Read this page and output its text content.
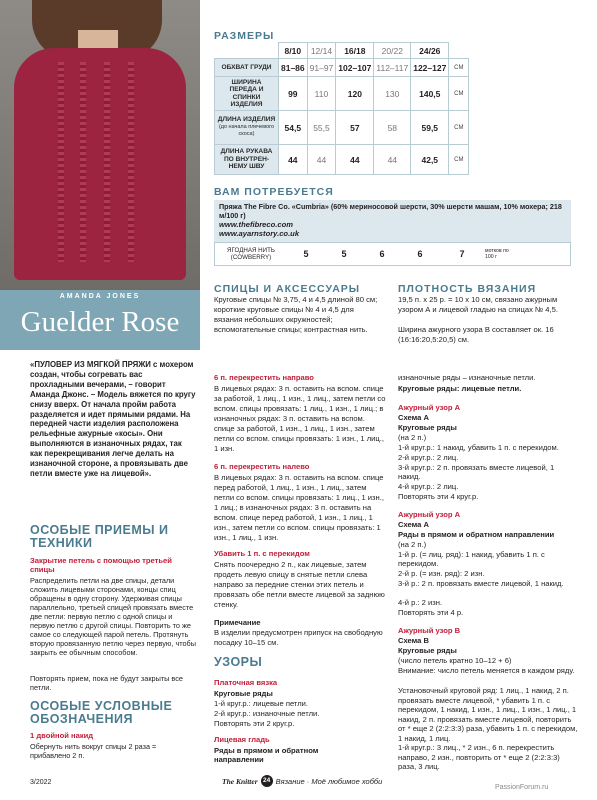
AMANDA JONES
Guelder Rose
РАЗМЕРЫ
	8/10	12/14	16/18	20/22	24/26	
ОБХВАТ ГРУДИ	81–86	91–97	102–107	112–117	122–127	СМ
ШИРИНА ПЕРЕДА И СПИНКИ ИЗДЕЛИЯ	99	110	120	130	140,5	СМ

ДЛИНА ИЗДЕЛИЯ
(до начала плечевого скоса)	54,5	55,5	57	58	59,5	СМ
ДЛИНА РУКАВА ПО ВНУТРЕН-НЕМУ ШВУ	44	44	44	44	42,5	СМ
ВАМ ПОТРЕБУЕТСЯ
Пряжа The Fibre Co. «Cumbria» (60% мериносовой шерсти, 30% шерсти машам, 10% мохера; 218 м/100 г)
www.thefibreco.com
www.ayarnstory.co.uk
ЯГОДНАЯ НИТЬ (COWBERRY)	5	5	6	6	7	мотков по 100 г
СПИЦЫ И АКСЕССУАРЫ
Круговые спицы № 3,75, 4 и 4,5 длиной 80 см; короткие круговые спицы № 4 и 4,5 для вязания небольших окружностей; вспомогательные спицы; контрастная нить.
ПЛОТНОСТЬ ВЯЗАНИЯ
19,5 п. х 25 р. = 10 х 10 см, связано ажурным узором А и лицевой гладью на спицах № 4,5.
Ширина ажурного узора В составляет ок. 16 (16:16:20,5:20,5) см.
«ПУЛОВЕР ИЗ МЯГКОЙ ПРЯЖИ с мохером создан, чтобы согревать вас прохладными вечерами, – говорит Аманда Джонс. – Модель вяжется по кругу снизу вверх. От начала пройм работа разделяется и идет прямыми рядами. На передней части изделия расположена рельефные ажурные «косы». Они выполняются в изнаночных рядах, так как перекрещивания легче делать на изнаночной стороне, а провязывать две петли вместе уже на лицевой».
ОСОБЫЕ ПРИЕМЫ И ТЕХНИКИ
Закрытие петель с помощью третьей спицы
Распределить петли на две спицы, детали сложить лицевыми сторонами, концы спиц обращены в одну сторону. Удерживая спицы параллельно, третьей спицей провязать вместе две петли: первую петлю с одной спицы и первую петлю с другой спицы. Повторить то же самое со следующей парой петель. Протянуть вторую провязанную петлю через первую, чтобы закрыть ее обычным способом.
Повторять прием, пока не будут закрыты все петли.
ОСОБЫЕ УСЛОВНЫЕ ОБОЗНАЧЕНИЯ
1 двойной накид
Обернуть нить вокруг спицы 2 раза = прибавлено 2 п.
6 п. перекрестить направо
В лицевых рядах: 3 п. оставить на вспом. спице за работой, 1 лиц., 1 изн., 1 лиц., затем петли со вспом. спицы провязать: 1 лиц., 1 изн., 1 лиц.; в изнаночных рядах: 3 п. оставить на вспом. спице за работой, 1 изн., 1 лиц., 1 изн., затем петли со вспом. спицы провязать: 1 изн., 1 лиц., 1 изн.
6 п. перекрестить налево
В лицевых рядах: 3 п. оставить на вспом. спице перед работой, 1 лиц., 1 изн., 1 лиц., затем петли со вспом. спицы провязать: 1 лиц., 1 изн., 1 лиц.; в изнаночных рядах: 3 п. оставить на вспом. спице перед работой, 1 изн., 1 лиц., 1 изн., затем петли со вспом. спицы провязать: 1 изн., 1 лиц., 1 изн.
Убавить 1 п. с перекидом
Снять поочередно 2 п., как лицевые, затем продеть левую спицу в снятые петли слева направо за передние стенки этих петель и провязать обе петли вместе лицевой за заднюю стенку.
Примечание
В изделии предусмотрен припуск на свободную посадку 10–15 см.
УЗОРЫ
Платочная вязка
Круговые ряды
1-й круг.р.: лицевые петли.
2-й круг.р.: изнаночные петли.
Повторять эти 2 круг.р.
Лицевая гладь
Ряды в прямом и обратном направлении
изнаночные ряды – изнаночные петли.
Круговые ряды: лицевые петли.
Ажурный узор А
Схема А
Круговые ряды
(на 2 п.)
1-й круг.р.: 1 накид, убавить 1 п. с перекидом.
2-й круг.р.: 2 лиц.
3-й круг.р.: 2 п. провязать вместе лицевой, 1 накид.
4-й круг.р.: 2 лиц.
Повторять эти 4 круг.р.
Ажурный узор А
Схема А
Ряды в прямом и обратном направлении
(на 2 п.)
1-й р. (= лиц. ряд): 1 накид, убавить 1 п. с перекидом.
2-й р. (= изн. ряд): 2 изн.
3-й р.: 2 п. провязать вместе лицевой, 1 накид.
4-й р.: 2 изн.
Повторять эти 4 р.
Ажурный узор В
Схема В
Круговые ряды
(число петель кратно 10–12 + 6)
Внимание: число петель меняется в каждом ряду.
Установочный круговой ряд: 1 лиц., 1 накид, 2 п. провязать вместе лицевой, * убавить 1 п. с перекидом, 1 накид, 1 изн., 1 лиц., 1 изн., 1 лиц., 1 накид, 2 п. провязать вместе лицевой, повторить от * еще 2 (2:2:3:3) раза, убавить 1 п. с перекидом, 1 накид, 1 лиц.
1-й круг.р.: 3 лиц., * 2 изн., 6 п. перекрестить направо, 2 изн., повторить от * еще 2 (2:2:3:3) раза, 3 лиц.
3/2022	The Knitter 24 Вязание · Моё любимое хобби
PassionForum.ru
